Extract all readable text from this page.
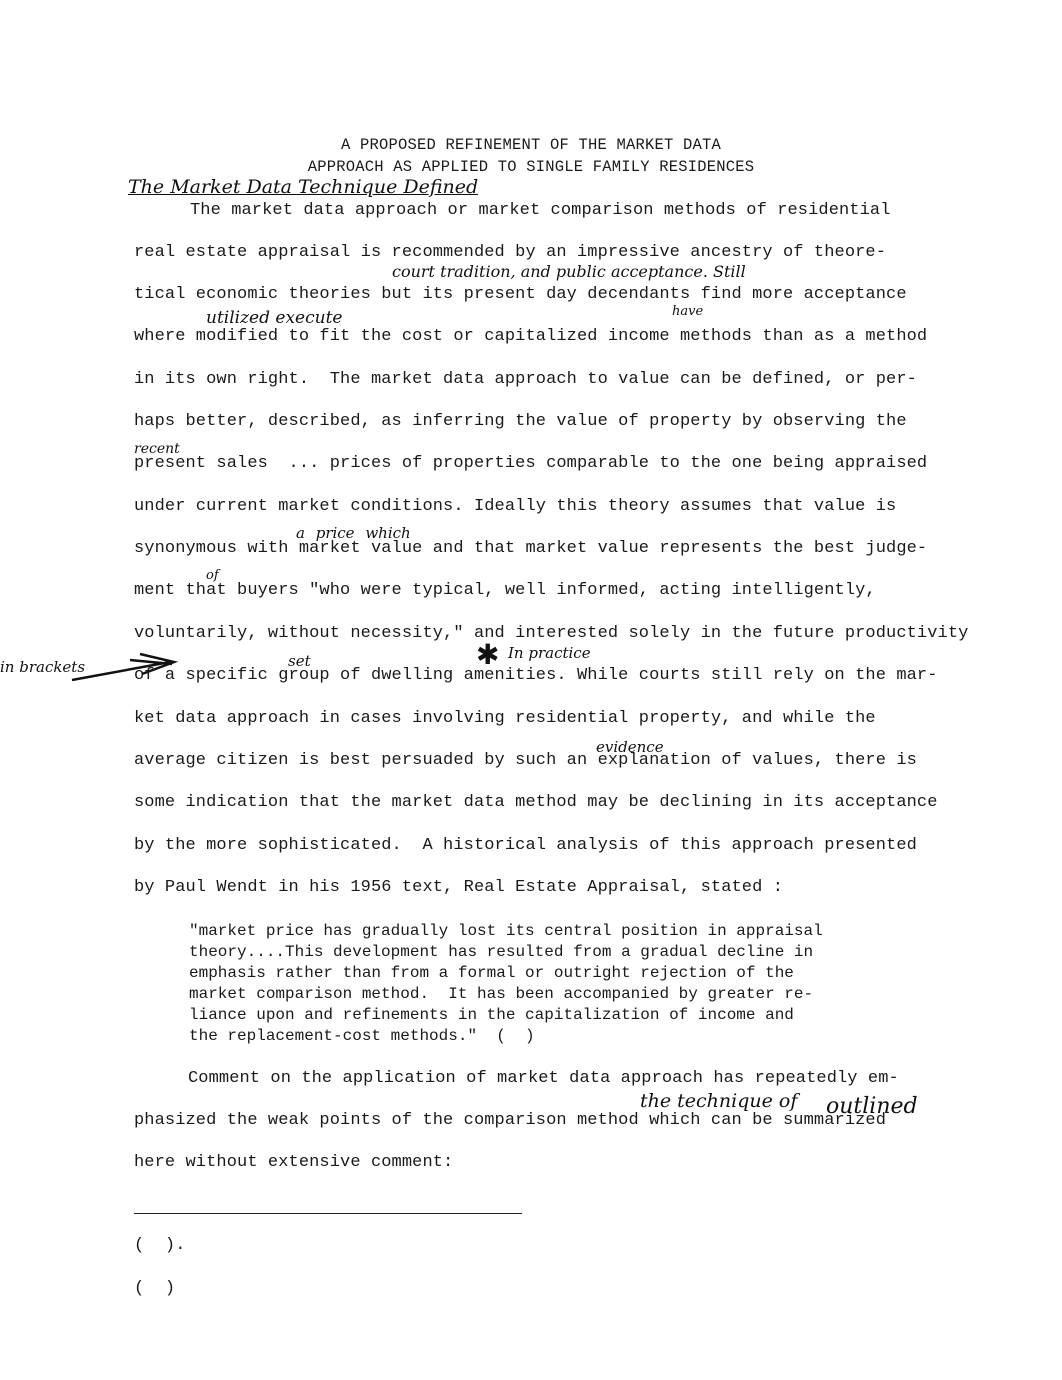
A PROPOSED REFINEMENT OF THE MARKET DATA
APPROACH AS APPLIED TO SINGLE FAMILY RESIDENCES
The Market Data Technique Defined
court tradition, and public acceptance. Still
have
utilized execute
recent
a price which
of
in brackets	set	✱ In practice
evidence
the technique of outlined
The market data approach or market comparison methods of residential
real estate appraisal is recommended by an impressive ancestry of theore-
tical economic theories but its present day decendants find more acceptance
where modified to fit the cost or capitalized income methods than as a method
in its own right.  The market data approach to value can be defined, or per-
haps better, described, as inferring the value of property by observing the
present sales  ... prices of properties comparable to the one being appraised
under current market conditions. Ideally this theory assumes that value is
synonymous with market value and that market value represents the best judge-
ment that buyers "who were typical, well informed, acting intelligently,
voluntarily, without necessity," and interested solely in the future productivity
of a specific group of dwelling amenities. While courts still rely on the mar-
ket data approach in cases involving residential property, and while the
average citizen is best persuaded by such an explanation of values, there is
some indication that the market data method may be declining in its acceptance
by the more sophisticated.  A historical analysis of this approach presented
by Paul Wendt in his 1956 text, Real Estate Appraisal, stated :
"market price has gradually lost its central position in appraisal
theory....This development has resulted from a gradual decline in
emphasis rather than from a formal or outright rejection of the
market comparison method.  It has been accompanied by greater re-
liance upon and refinements in the capitalization of income and
the replacement-cost methods."  (  )
Comment on the application of market data approach has repeatedly em-
phasized the weak points of the comparison method which can be summarized
here without extensive comment:
(  ).
(  )
